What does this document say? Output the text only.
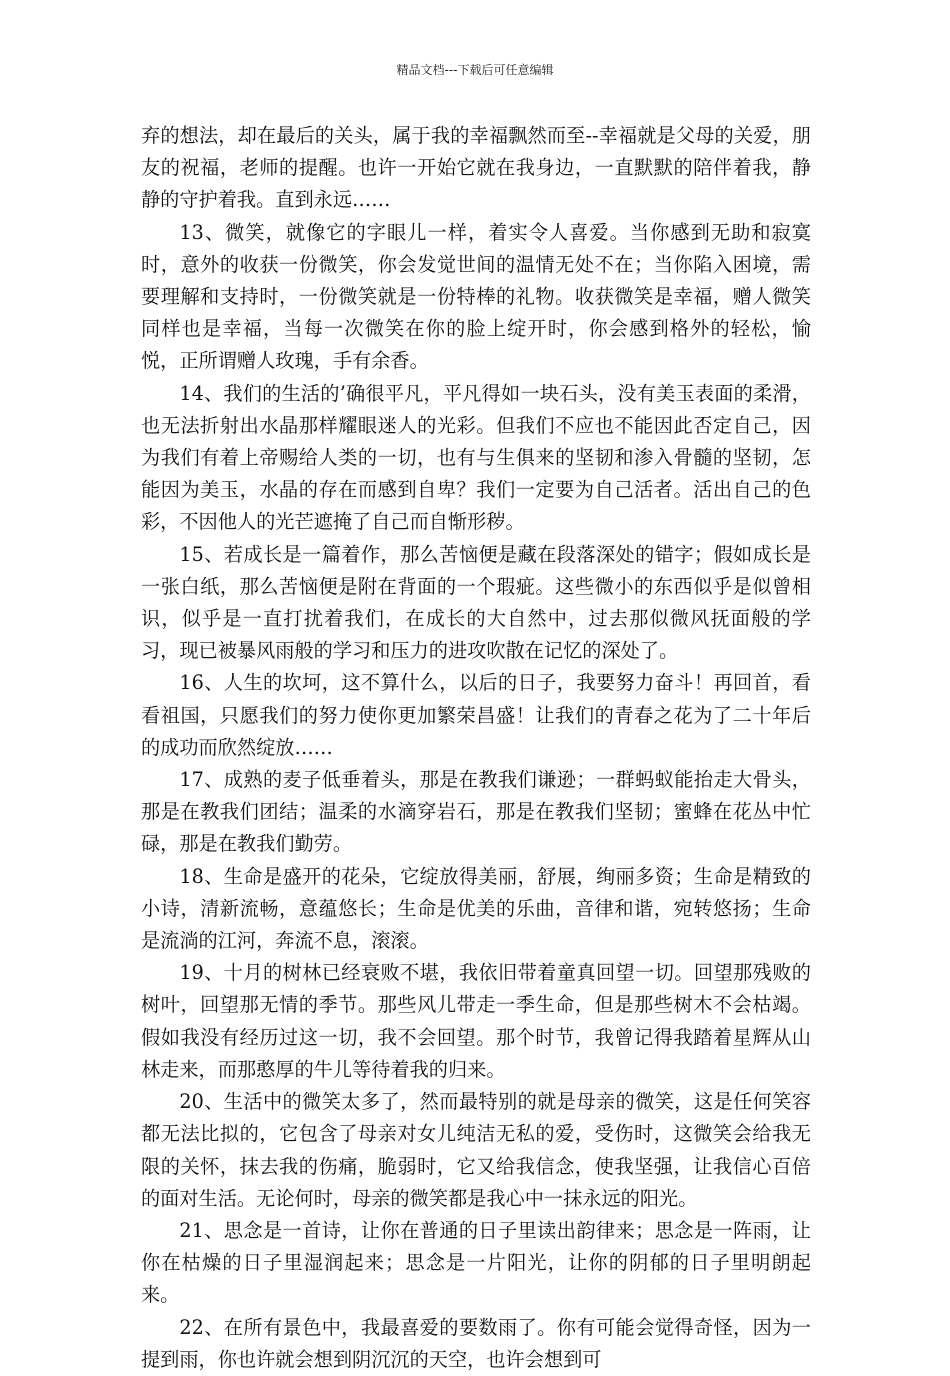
精品文档---下载后可任意编辑

弃的想法，却在最后的关头，属于我的幸福飘然而至--幸福就是父母的关爱，朋友的祝福，老师的提醒。也许一开始它就在我身边，一直默默的陪伴着我，静静的守护着我。直到永远……

13、微笑，就像它的字眼儿一样，着实令人喜爱。当你感到无助和寂寞时，意外的收获一份微笑，你会发觉世间的温情无处不在；当你陷入困境，需要理解和支持时，一份微笑就是一份特棒的礼物。收获微笑是幸福，赠人微笑同样也是幸福，当每一次微笑在你的脸上绽开时，你会感到格外的轻松，愉悦，正所谓赠人玫瑰，手有余香。

14、我们的生活的’确很平凡，平凡得如一块石头，没有美玉表面的柔滑，也无法折射出水晶那样耀眼迷人的光彩。但我们不应也不能因此否定自己，因为我们有着上帝赐给人类的一切，也有与生俱来的坚韧和渗入骨髓的坚韧，怎能因为美玉，水晶的存在而感到自卑？我们一定要为自己活者。活出自己的色彩，不因他人的光芒遮掩了自己而自惭形秽。

15、若成长是一篇着作，那么苦恼便是藏在段落深处的错字；假如成长是一张白纸，那么苦恼便是附在背面的一个瑕疵。这些微小的东西似乎是似曾相识，似乎是一直打扰着我们，在成长的大自然中，过去那似微风抚面般的学习，现已被暴风雨般的学习和压力的进攻吹散在记忆的深处了。

16、人生的坎坷，这不算什么，以后的日子，我要努力奋斗！再回首，看看祖国，只愿我们的努力使你更加繁荣昌盛！让我们的青春之花为了二十年后的成功而欣然绽放……

17、成熟的麦子低垂着头，那是在教我们谦逊；一群蚂蚁能抬走大骨头，那是在教我们团结；温柔的水滴穿岩石，那是在教我们坚韧；蜜蜂在花丛中忙碌，那是在教我们勤劳。

18、生命是盛开的花朵，它绽放得美丽，舒展，绚丽多资；生命是精致的小诗，清新流畅，意蕴悠长；生命是优美的乐曲，音律和谐，宛转悠扬；生命是流淌的江河，奔流不息，滚滚。

19、十月的树林已经衰败不堪，我依旧带着童真回望一切。回望那残败的树叶，回望那无情的季节。那些风儿带走一季生命，但是那些树木不会枯竭。假如我没有经历过这一切，我不会回望。那个时节，我曾记得我踏着星辉从山林走来，而那憨厚的牛儿等待着我的归来。

20、生活中的微笑太多了，然而最特别的就是母亲的微笑，这是任何笑容都无法比拟的，它包含了母亲对女儿纯洁无私的爱，受伤时，这微笑会给我无限的关怀，抹去我的伤痛，脆弱时，它又给我信念，使我坚强，让我信心百倍的面对生活。无论何时，母亲的微笑都是我心中一抹永远的阳光。

21、思念是一首诗，让你在普通的日子里读出韵律来；思念是一阵雨，让你在枯燥的日子里湿润起来；思念是一片阳光，让你的阴郁的日子里明朗起来。

22、在所有景色中，我最喜爱的要数雨了。你有可能会觉得奇怪，因为一提到雨，你也许就会想到阴沉沉的天空，也许会想到可
